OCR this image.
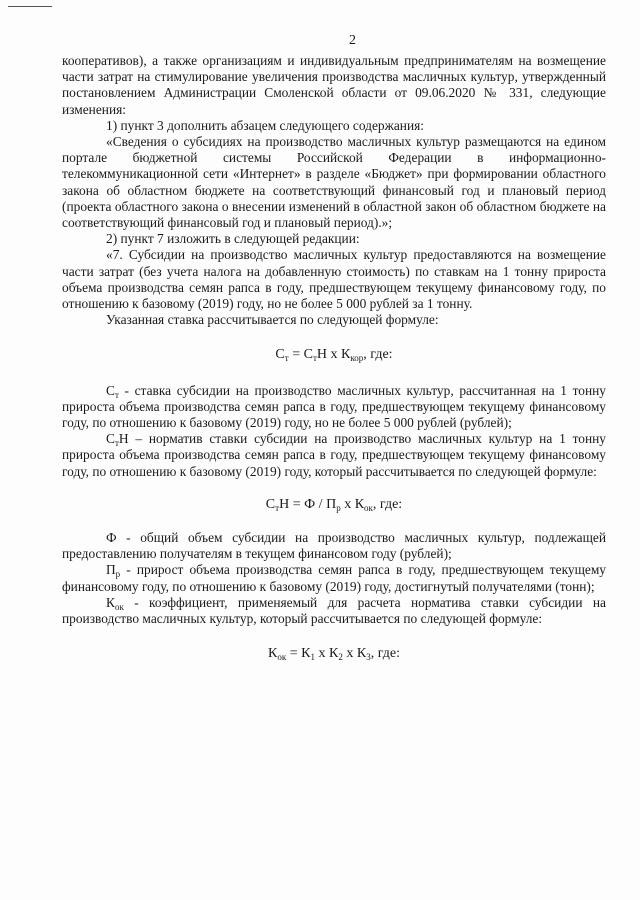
2

кооперативов), а также организациям и индивидуальным предпринимателям на возмещение части затрат на стимулирование увеличения производства масличных культур, утвержденный постановлением Администрации Смоленской области от 09.06.2020 № 331, следующие изменения:

1) пункт 3 дополнить абзацем следующего содержания:

«Сведения о субсидиях на производство масличных культур размещаются на едином портале бюджетной системы Российской Федерации в информационно-телекоммуникационной сети «Интернет» в разделе «Бюджет» при формировании областного закона об областном бюджете на соответствующий финансовый год и плановый период (проекта областного закона о внесении изменений в областной закон об областном бюджете на соответствующий финансовый год и плановый период).»;

2) пункт 7 изложить в следующей редакции:

«7. Субсидии на производство масличных культур предоставляются на возмещение части затрат (без учета налога на добавленную стоимость) по ставкам на 1 тонну прироста объема производства семян рапса в году, предшествующем текущему финансовому году, по отношению к базовому (2019) году, но не более 5 000 рублей за 1 тонну.

Указанная ставка рассчитывается по следующей формуле:

$С_т = С_тН$ х $К_{кор}$, где:

$С_т$ - ставка субсидии на производство масличных культур, рассчитанная на 1 тонну прироста объема производства семян рапса в году, предшествующем текущему финансовому году, по отношению к базовому (2019) году, но не более 5 000 рублей (рублей);

$С_тН$ – норматив ставки субсидии на производство масличных культур на 1 тонну прироста объема производства семян рапса в году, предшествующем текущему финансовому году, по отношению к базовому (2019) году, который рассчитывается по следующей формуле:

$С_тН = Ф / П_р$ х $К_{ок}$, где:

Ф - общий объем субсидии на производство масличных культур, подлежащей предоставлению получателям в текущем финансовом году (рублей);

$П_р$ - прирост объема производства семян рапса в году, предшествующем текущему финансовому году, по отношению к базовому (2019) году, достигнутый получателями (тонн);

$К_{ок}$ - коэффициент, применяемый для расчета норматива ставки субсидии на производство масличных культур, который рассчитывается по следующей формуле:

$К_{ок} = К_1$ х $К_2$ х $К_3$, где:
